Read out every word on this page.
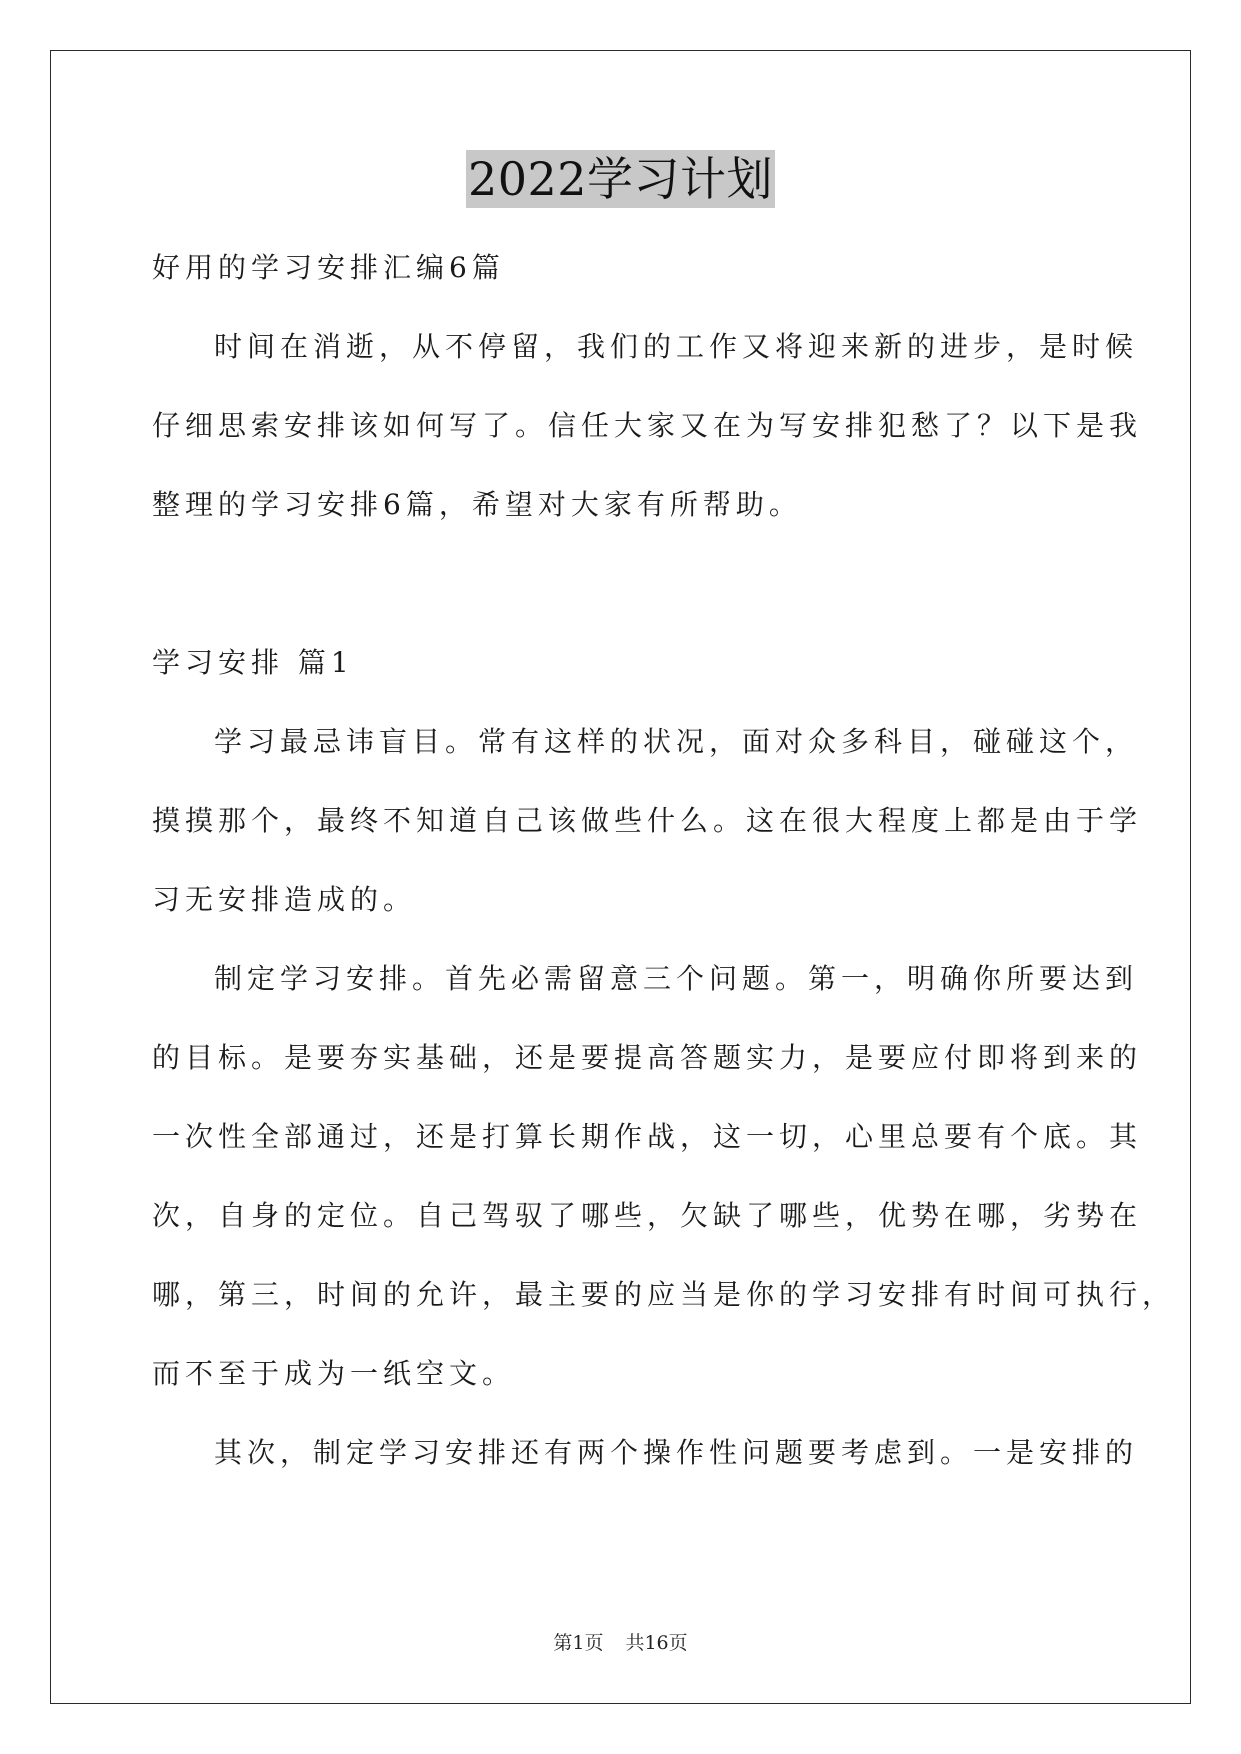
2022学习计划
好用的学习安排汇编6篇
时间在消逝，从不停留，我们的工作又将迎来新的进步，是时候
仔细思索安排该如何写了。信任大家又在为写安排犯愁了？以下是我
整理的学习安排6篇，希望对大家有所帮助。
学习安排 篇1
学习最忌讳盲目。常有这样的状况，面对众多科目，碰碰这个，
摸摸那个，最终不知道自己该做些什么。这在很大程度上都是由于学
习无安排造成的。
制定学习安排。首先必需留意三个问题。第一，明确你所要达到
的目标。是要夯实基础，还是要提高答题实力，是要应付即将到来的
一次性全部通过，还是打算长期作战，这一切，心里总要有个底。其
次，自身的定位。自己驾驭了哪些，欠缺了哪些，优势在哪，劣势在
哪，第三，时间的允许，最主要的应当是你的学习安排有时间可执行，
而不至于成为一纸空文。
其次，制定学习安排还有两个操作性问题要考虑到。一是安排的
第1页 共16页
